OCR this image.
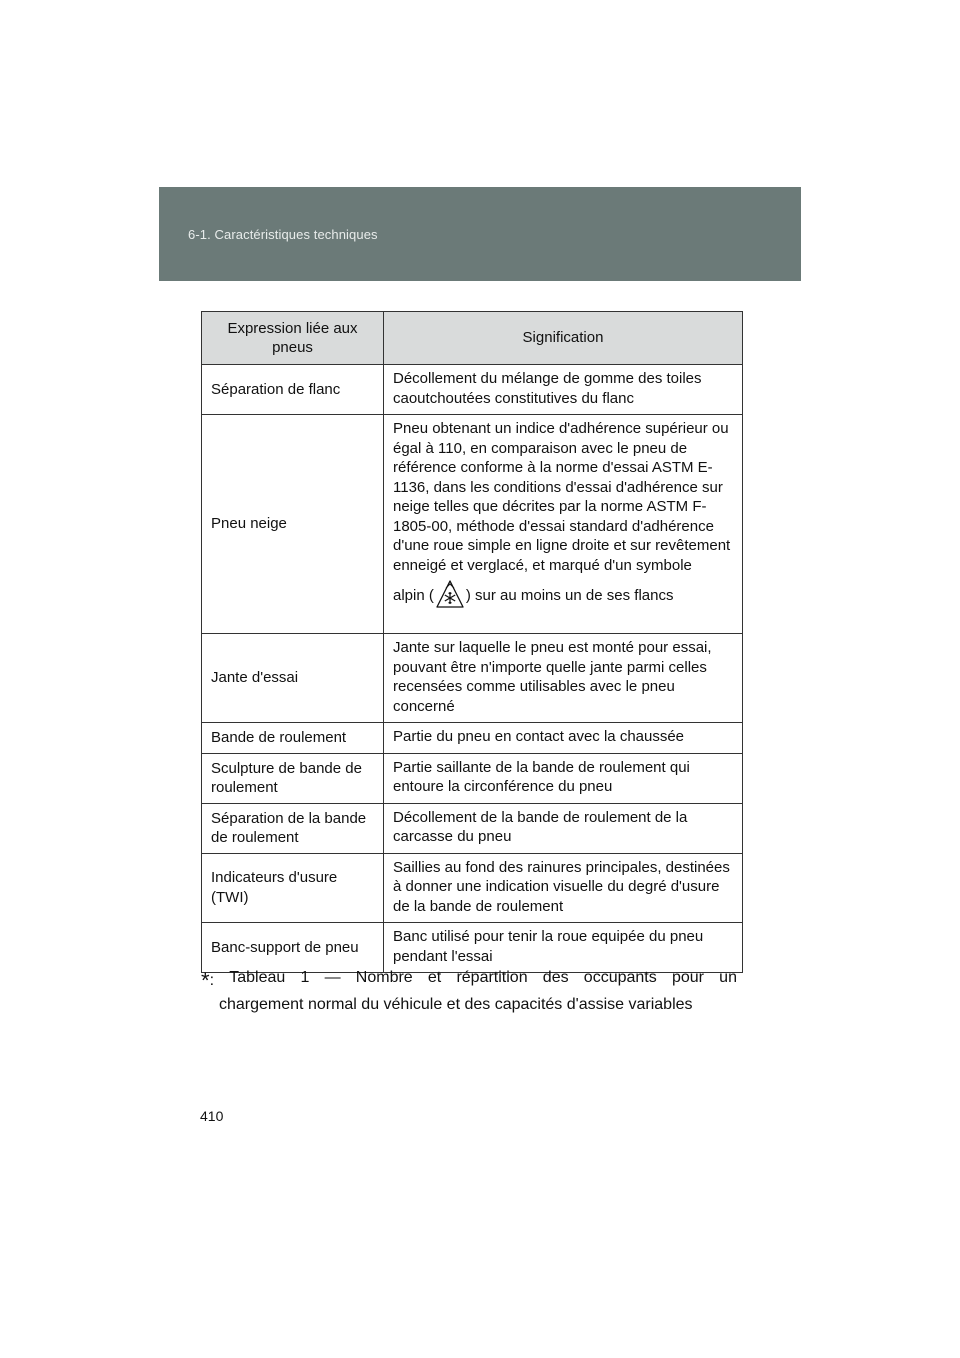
6-1. Caractéristiques techniques
Expression liée aux pneus	Signification
Séparation de flanc	Décollement du mélange de gomme des toiles caoutchoutées constitutives du flanc
Pneu neige	Pneu obtenant un indice d'adhérence supérieur ou égal à 110, en comparaison avec le pneu de référence conforme à la norme d'essai ASTM E-1136, dans les conditions d'essai d'adhérence sur neige telles que décrites par la norme ASTM F-1805-00, méthode d'essai standard d'adhérence d'une roue simple en ligne droite et sur revêtement enneigé et verglacé, et marqué d'un symbole
alpin ( ) sur au moins un de ses flancs
Jante d'essai	Jante sur laquelle le pneu est monté pour essai, pouvant être n'importe quelle jante parmi celles recensées comme utilisables avec le pneu concerné
Bande de roulement	Partie du pneu en contact avec la chaussée
Sculpture de bande de roulement	Partie saillante de la bande de roulement qui entoure la circonférence du pneu
Séparation de la bande de roulement	Décollement de la bande de roulement de la carcasse du pneu
Indicateurs d'usure (TWI)	Saillies au fond des rainures principales, destinées à donner une indication visuelle du degré d'usure de la bande de roulement
Banc-support de pneu	Banc utilisé pour tenir la roue equipée du pneu pendant l'essai
*: Tableau 1 — Nombre et répartition des occupants pour un
chargement normal du véhicule et des capacités d'assise variables
410
